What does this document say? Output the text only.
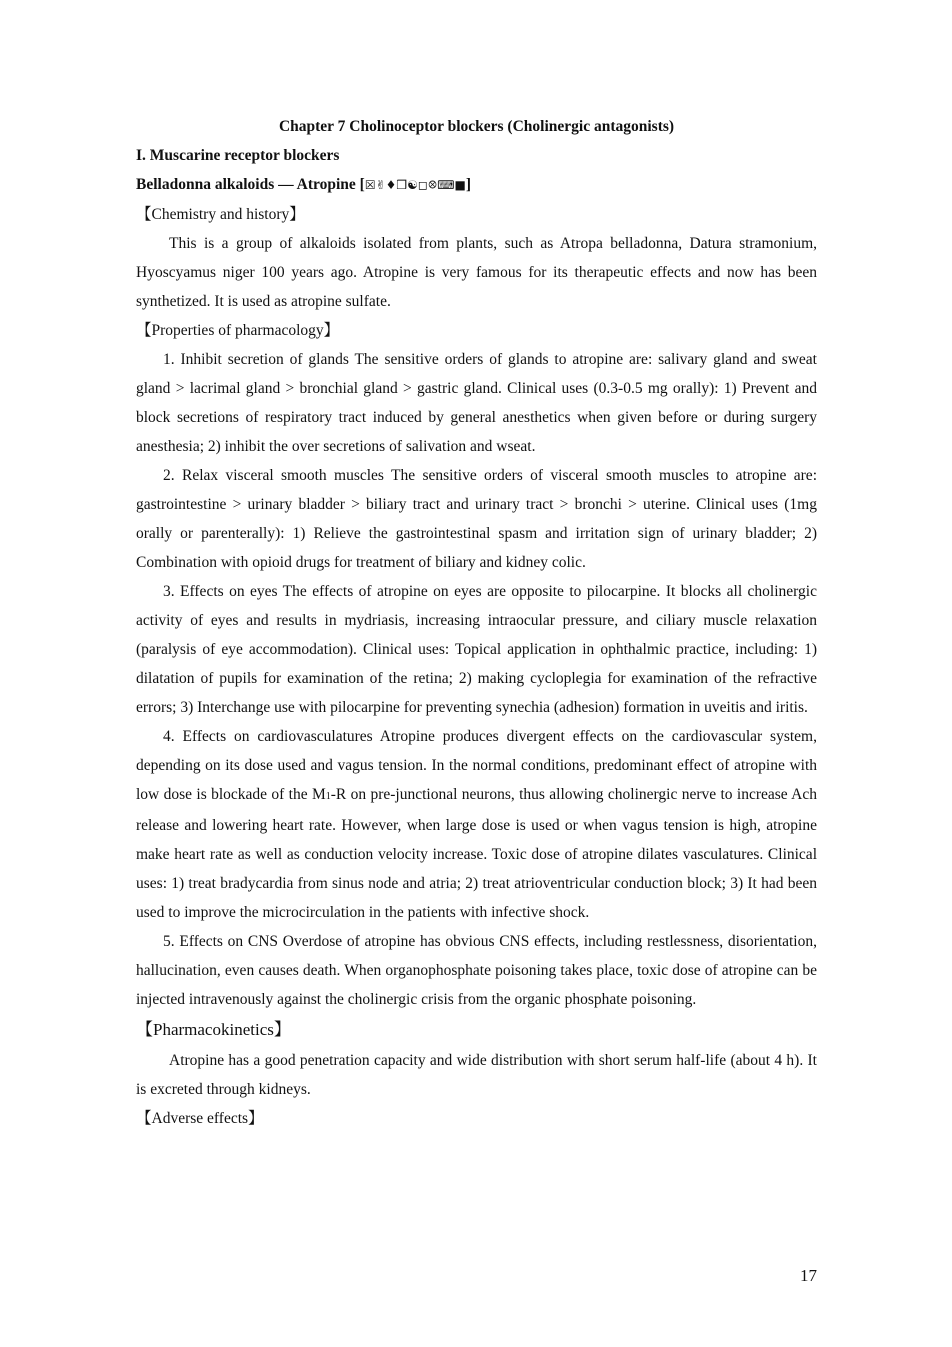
Chapter 7 Cholinoceptor blockers (Cholinergic antagonists)

I. Muscarine receptor blockers

Belladonna alkaloids — Atropine [☒✌♦❒☯◻ꕕ⌨■]

【Chemistry and history】

This is a group of alkaloids isolated from plants, such as Atropa belladonna, Datura stramonium, Hyoscyamus niger 100 years ago. Atropine is very famous for its therapeutic effects and now has been synthetized. It is used as atropine sulfate.

【Properties of pharmacology】

1. Inhibit secretion of glands The sensitive orders of glands to atropine are: salivary gland and sweat gland > lacrimal gland > bronchial gland > gastric gland. Clinical uses (0.3-0.5 mg orally): 1) Prevent and block secretions of respiratory tract induced by general anesthetics when given before or during surgery anesthesia; 2) inhibit the over secretions of salivation and wseat.

2. Relax visceral smooth muscles The sensitive orders of visceral smooth muscles to atropine are: gastrointestine > urinary bladder > biliary tract and urinary tract > bronchi > uterine. Clinical uses (1mg orally or parenterally): 1) Relieve the gastrointestinal spasm and irritation sign of urinary bladder; 2) Combination with opioid drugs for treatment of biliary and kidney colic.

3. Effects on eyes The effects of atropine on eyes are opposite to pilocarpine. It blocks all cholinergic activity of eyes and results in mydriasis, increasing intraocular pressure, and ciliary muscle relaxation (paralysis of eye accommodation). Clinical uses: Topical application in ophthalmic practice, including: 1) dilatation of pupils for examination of the retina; 2) making cycloplegia for examination of the refractive errors; 3) Interchange use with pilocarpine for preventing synechia (adhesion) formation in uveitis and iritis.

4. Effects on cardiovasculatures Atropine produces divergent effects on the cardiovascular system, depending on its dose used and vagus tension. In the normal conditions, predominant effect of atropine with low dose is blockade of the M1-R on pre-junctional neurons, thus allowing cholinergic nerve to increase Ach release and lowering heart rate. However, when large dose is used or when vagus tension is high, atropine make heart rate as well as conduction velocity increase. Toxic dose of atropine dilates vasculatures. Clinical uses: 1) treat bradycardia from sinus node and atria; 2) treat atrioventricular conduction block; 3) It had been used to improve the microcirculation in the patients with infective shock.

5. Effects on CNS Overdose of atropine has obvious CNS effects, including restlessness, disorientation, hallucination, even causes death. When organophosphate poisoning takes place, toxic dose of atropine can be injected intravenously against the cholinergic crisis from the organic phosphate poisoning.

【Pharmacokinetics】

Atropine has a good penetration capacity and wide distribution with short serum half-life (about 4 h). It is excreted through kidneys.

【Adverse effects】

17
